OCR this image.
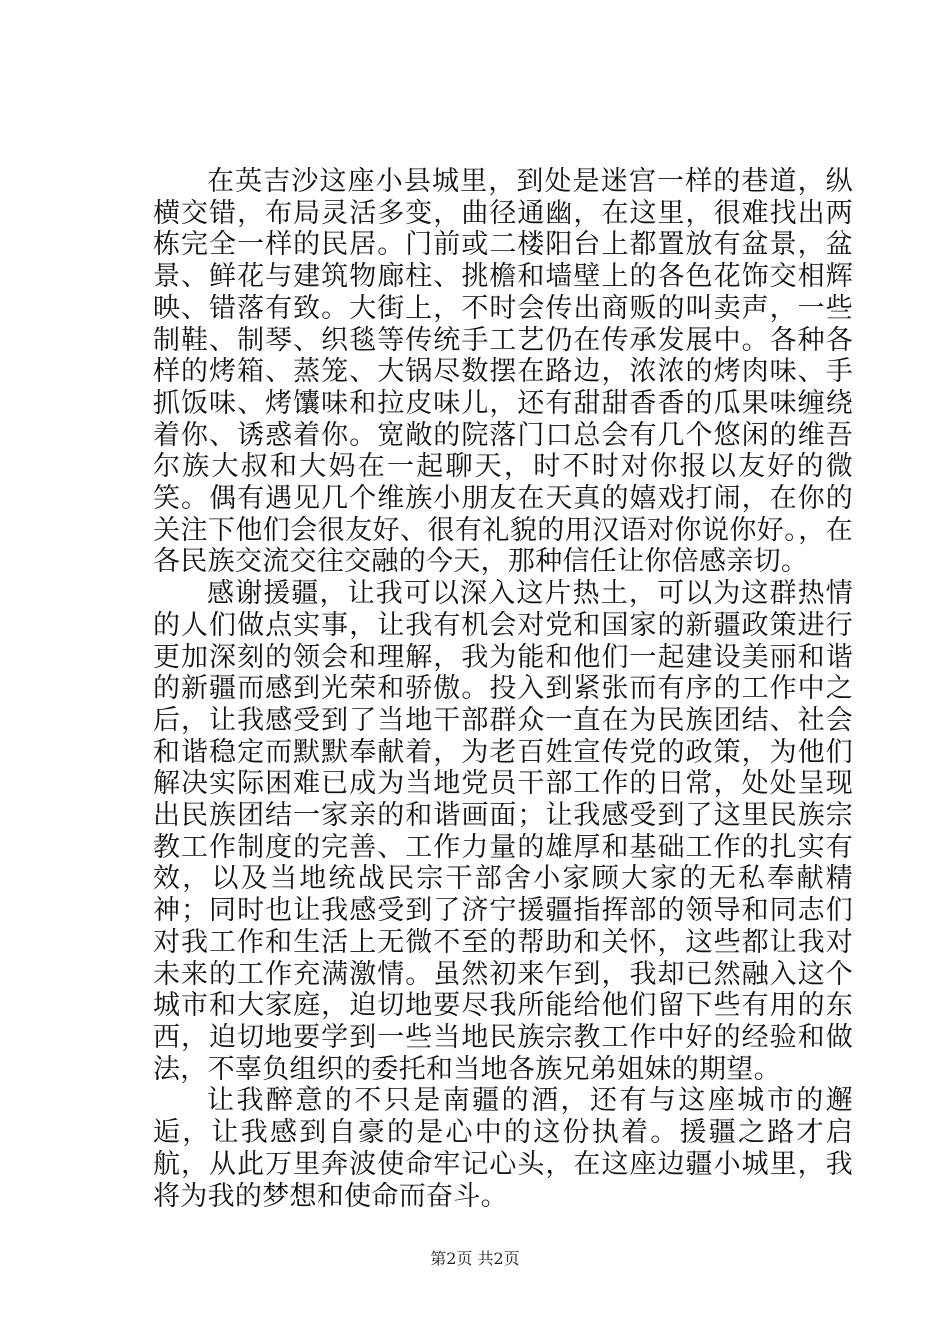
在英吉沙这座小县城里，到处是迷宫一样的巷道，纵横交错，布局灵活多变，曲径通幽，在这里，很难找出两栋完全一样的民居。门前或二楼阳台上都置放有盆景，盆景、鲜花与建筑物廊柱、挑檐和墙壁上的各色花饰交相辉映、错落有致。大街上，不时会传出商贩的叫卖声，一些制鞋、制琴、织毯等传统手工艺仍在传承发展中。各种各样的烤箱、蒸笼、大锅尽数摆在路边，浓浓的烤肉味、手抓饭味、烤馕味和拉皮味儿，还有甜甜香香的瓜果味缠绕着你、诱惑着你。宽敞的院落门口总会有几个悠闲的维吾尔族大叔和大妈在一起聊天，时不时对你报以友好的微笑。偶有遇见几个维族小朋友在天真的嬉戏打闹，在你的关注下他们会很友好、很有礼貌的用汉语对你说你好。，在各民族交流交往交融的今天，那种信任让你倍感亲切。

感谢援疆，让我可以深入这片热土，可以为这群热情的人们做点实事，让我有机会对党和国家的新疆政策进行更加深刻的领会和理解，我为能和他们一起建设美丽和谐的新疆而感到光荣和骄傲。投入到紧张而有序的工作中之后，让我感受到了当地干部群众一直在为民族团结、社会和谐稳定而默默奉献着，为老百姓宣传党的政策，为他们解决实际困难已成为当地党员干部工作的日常，处处呈现出民族团结一家亲的和谐画面；让我感受到了这里民族宗教工作制度的完善、工作力量的雄厚和基础工作的扎实有效，以及当地统战民宗干部舍小家顾大家的无私奉献精神；同时也让我感受到了济宁援疆指挥部的领导和同志们对我工作和生活上无微不至的帮助和关怀，这些都让我对未来的工作充满激情。虽然初来乍到，我却已然融入这个城市和大家庭，迫切地要尽我所能给他们留下些有用的东西，迫切地要学到一些当地民族宗教工作中好的经验和做法，不辜负组织的委托和当地各族兄弟姐妹的期望。

让我醉意的不只是南疆的酒，还有与这座城市的邂逅，让我感到自豪的是心中的这份执着。援疆之路才启航，从此万里奔波使命牢记心头，在这座边疆小城里，我将为我的梦想和使命而奋斗。

第2页 共2页
